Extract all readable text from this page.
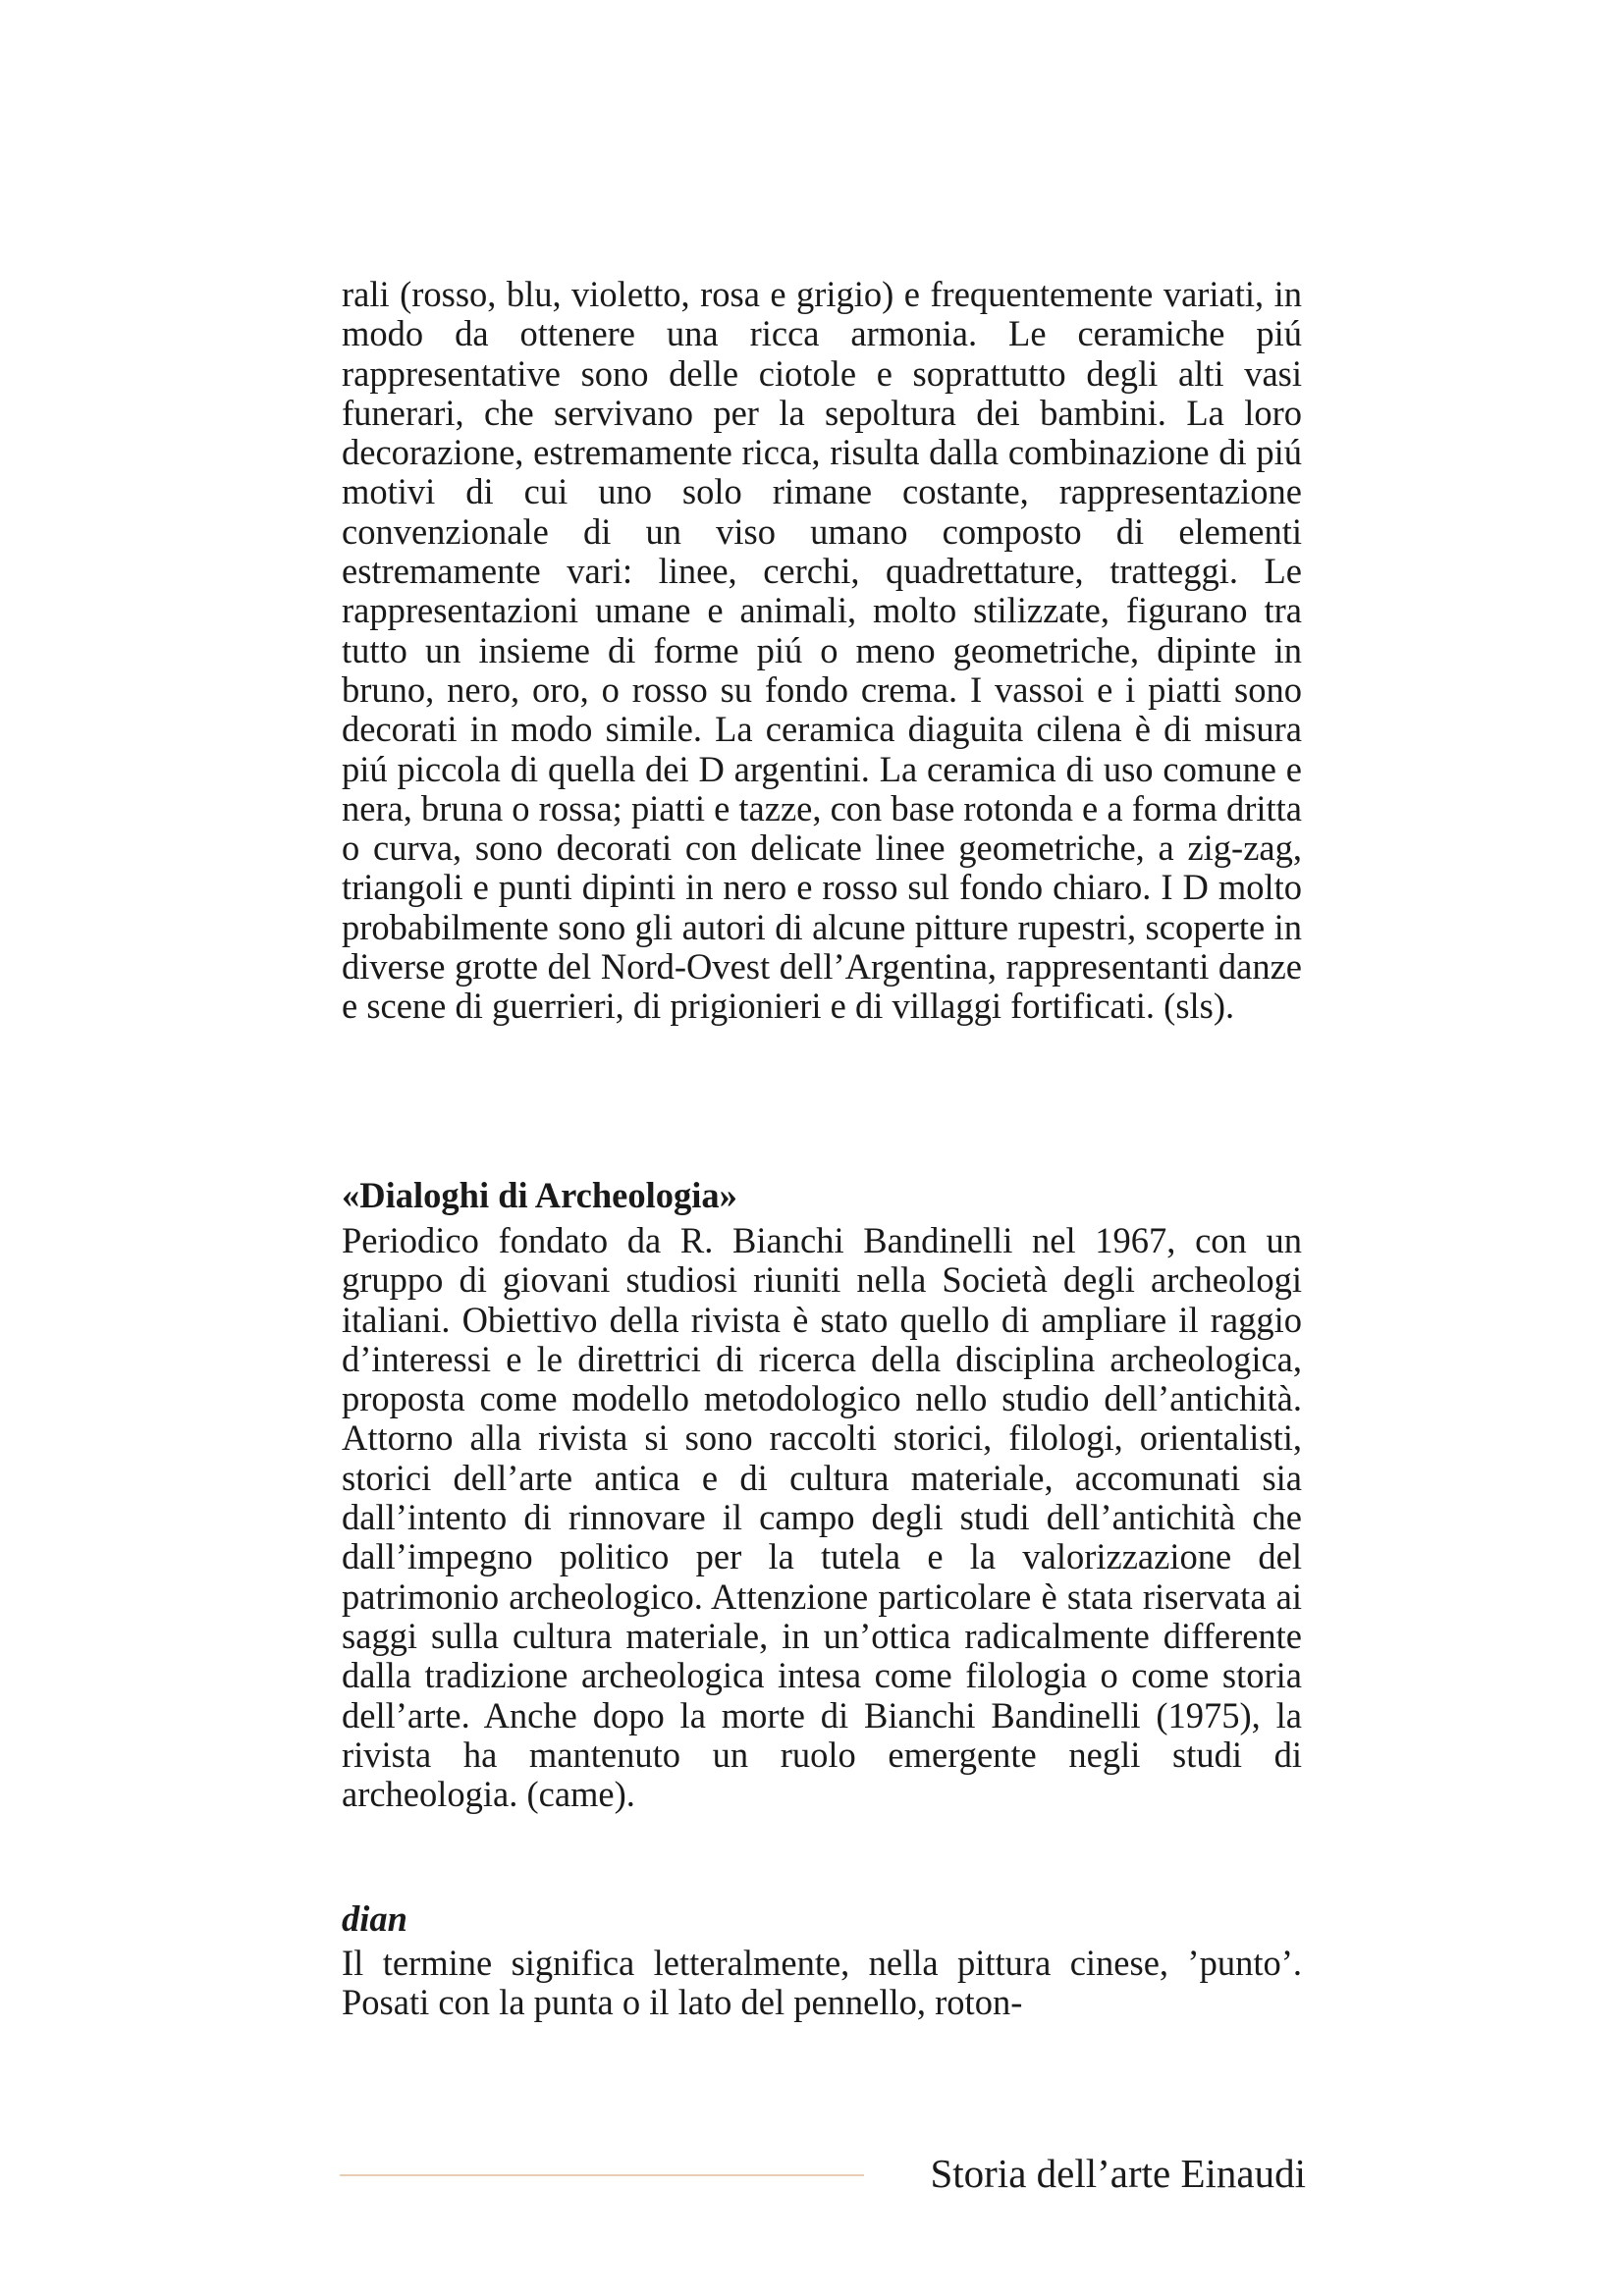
rali (rosso, blu, violetto, rosa e grigio) e frequentemente variati, in modo da ottenere una ricca armonia. Le ceramiche piú rappresentative sono delle ciotole e soprattutto degli alti vasi funerari, che servivano per la sepoltura dei bambini. La loro decorazione, estremamente ricca, risulta dalla combinazione di piú motivi di cui uno solo rimane costante, rappresentazione convenzionale di un viso umano composto di elementi estremamente vari: linee, cerchi, quadrettature, tratteggi. Le rappresentazioni umane e animali, molto stilizzate, figurano tra tutto un insieme di forme piú o meno geometriche, dipinte in bruno, nero, oro, o rosso su fondo crema. I vassoi e i piatti sono decorati in modo simile. La ceramica diaguita cilena è di misura piú piccola di quella dei D argentini. La ceramica di uso comune e nera, bruna o rossa; piatti e tazze, con base rotonda e a forma dritta o curva, sono decorati con delicate linee geometriche, a zig-zag, triangoli e punti dipinti in nero e rosso sul fondo chiaro. I D molto probabilmente sono gli autori di alcune pitture rupestri, scoperte in diverse grotte del Nord-Ovest dell’Argentina, rappresentanti danze e scene di guerrieri, di prigionieri e di villaggi fortificati. (sls).

«Dialoghi di Archeologia»

Periodico fondato da R. Bianchi Bandinelli nel 1967, con un gruppo di giovani studiosi riuniti nella Società degli archeologi italiani. Obiettivo della rivista è stato quello di ampliare il raggio d’interessi e le direttrici di ricerca della disciplina archeologica, proposta come modello metodologico nello studio dell’antichità. Attorno alla rivista si sono raccolti storici, filologi, orientalisti, storici dell’arte antica e di cultura materiale, accomunati sia dall’intento di rinnovare il campo degli studi dell’antichità che dall’impegno politico per la tutela e la valorizzazione del patrimonio archeologico. Attenzione particolare è stata riservata ai saggi sulla cultura materiale, in un’ottica radicalmente differente dalla tradizione archeologica intesa come filologia o come storia dell’arte. Anche dopo la morte di Bianchi Bandinelli (1975), la rivista ha mantenuto un ruolo emergente negli studi di archeologia. (came).

dian

Il termine significa letteralmente, nella pittura cinese, ’punto’. Posati con la punta o il lato del pennello, roton-

Storia dell’arte Einaudi
